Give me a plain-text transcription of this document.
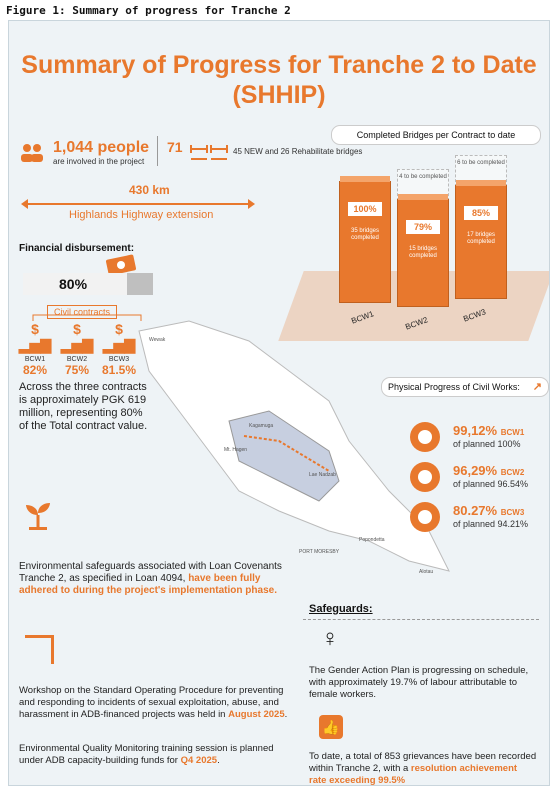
Figure 1: Summary of progress for Tranche 2
Summary of Progress for Tranche 2 to Date
(SHHIP)
1,044 people
are involved in the project
71	45 NEW and 26 Rehabilitate bridges
430 km
Highlands Highway extension
Financial disbursement:
80%
Civil contracts
$
▂▅▇
BCW1
82%
$
▂▅▇
BCW2
75%
$
▂▅▇
BCW3
81.5%
Across the three contracts is approximately PGK 619 million, representing 80% of the Total contract value.
Completed Bridges per Contract to date
4 to be completed
6 to be completed
100%
35 bridges completed
79%
15 bridges completed
85%
17 bridges completed
BCW1	BCW2	BCW3
Wewak
Kagamuga
Mt. Hagen
Lae Nadzab
PORT MORESBY
Popondetta
Alotau
Physical Progress of Civil Works: ↗
99,12% BCW1
of planned 100%
96,29% BCW2
of planned 96.54%
80.27% BCW3
of planned 94.21%
Environmental safeguards associated with Loan Covenants Tranche 2, as specified in Loan 4094, have been fully adhered to during the project's implementation phase.
Workshop on the Standard Operating Procedure for preventing and responding to incidents of sexual exploitation, abuse, and harassment in ADB-financed projects was held in August 2025.
Environmental Quality Monitoring training session is planned under ADB capacity-building funds for Q4 2025.
Safeguards:
♀
The Gender Action Plan is progressing on schedule, with approximately 19.7% of labour attributable to female workers.
👍
To date, a total of 853 grievances have been recorded within Tranche 2, with a resolution achievement rate exceeding 99.5%
